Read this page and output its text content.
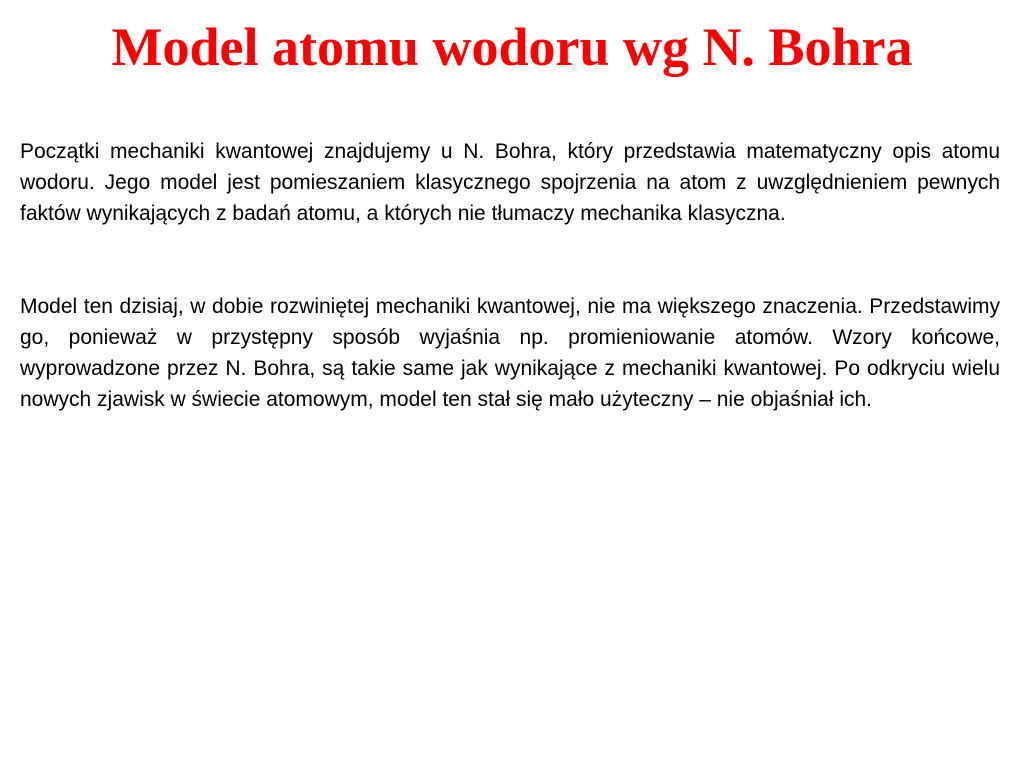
Model atomu wodoru wg N. Bohra

Początki mechaniki kwantowej znajdujemy u N. Bohra, który przedstawia matematyczny opis atomu wodoru. Jego model jest pomieszaniem klasycznego spojrzenia na atom z uwzględnieniem pewnych faktów wynikających z badań atomu, a których nie tłumaczy mechanika klasyczna.

Model ten dzisiaj, w dobie rozwiniętej mechaniki kwantowej, nie ma większego znaczenia. Przedstawimy go, ponieważ w przystępny sposób wyjaśnia np. promieniowanie atomów. Wzory końcowe, wyprowadzone przez N. Bohra, są takie same jak wynikające z mechaniki kwantowej. Po odkryciu wielu nowych zjawisk w świecie atomowym, model ten stał się mało użyteczny – nie objaśniał ich.
